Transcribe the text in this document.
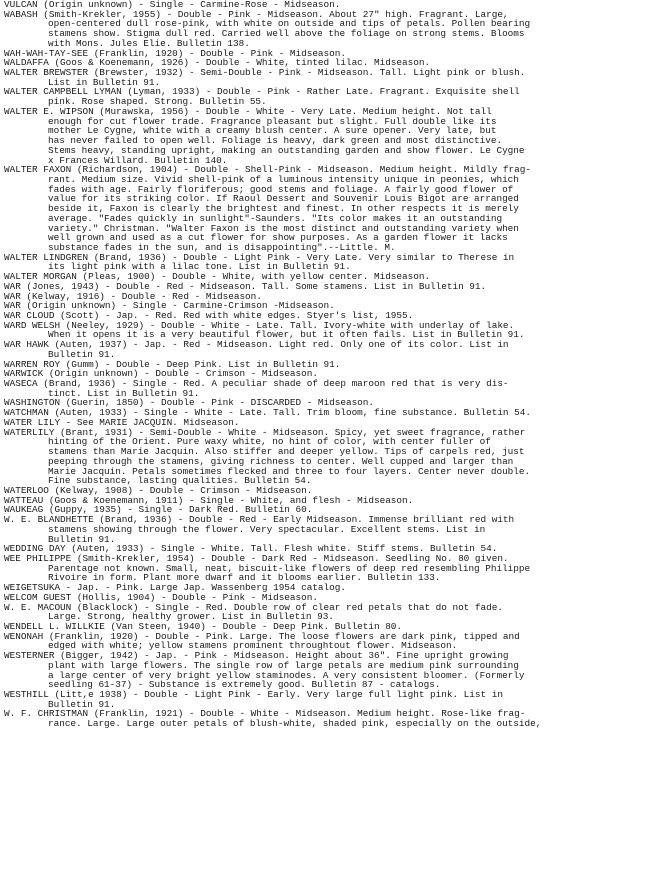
VULCAN (Origin unknown) - Single - Carmine-Rose - Midseason.
WABASH (Smith-Krekler, 1955) - Double - Pink - Midseason. About 27" high. Fragrant. Large,
open-centered dull rose-pink, with white on outside and tips of petals. Pollen bearing
stamens show. Stigma dull red. Carried well above the foliage on strong stems. Blooms
with Mons. Jules Elie. Bulletin 138.
WAH-WAH-TAY-SEE (Franklin, 1920) - Double - Pink - Midseason.
WALDAFFA (Goos & Koenemann, 1926) - Double - White, tinted lilac. Midseason.
WALTER BREWSTER (Brewster, 1932) - Semi-Double - Pink - Midseason. Tall. Light pink or blush.
List in Bulletin 91.
WALTER CAMPBELL LYMAN (Lyman, 1933) - Double - Pink - Rather Late. Fragrant. Exquisite shell
pink. Rose shaped. Strong. Bulletin 55.
WALTER E. WIPSON (Murawska, 1956) - Double - White - Very Late. Medium height. Not tall
enough for cut flower trade. Fragrance pleasant but slight. Full double like its
mother Le Cygne, white with a creamy blush center. A sure opener. Very late, but
has never failed to open well. Foliage is heavy, dark green and most distinctive.
Stems heavy, standing upright, making an outstanding garden and show flower. Le Cygne
x Frances Willard. Bulletin 140.
WALTER FAXON (Richardson, 1904) - Double - Shell-Pink - Midseason. Medium height. Mildly frag-
rant. Medium size. Vivid shell-pink of a luminous intensity unique in peonies, which
fades with age. Fairly floriferous; good stems and foliage. A fairly good flower of
value for its striking color. If Raoul Dessert and Souvenir Louis Bigot are arranged
beside it, Faxon is clearly the brightest and finest. In other respects it is merely
average. "Fades quickly in sunlight"-Saunders. "Its color makes it an outstanding
variety." Christman. "Walter Faxon is the most distinct and outstanding variety when
well grown and used as a cut flower for show purposes. As a garden flower it lacks
substance fades in the sun, and is disappointing".--Little. M.
WALTER LINDGREN (Brand, 1936) - Double - Light Pink - Very Late. Very similar to Therese in
its light pink with a lilac tone. List in Bulletin 91.
WALTER MORGAN (Pleas, 1900) - Double - White, with yellow center. Midseason.
WAR (Jones, 1943) - Double - Red - Midseason. Tall. Some stamens. List in Bulletin 91.
WAR (Kelway, 1916) - Double - Red - Midseason.
WAR (Origin unknown) - Single - Carmine-Crimson -Midseason.
WAR CLOUD (Scott) - Jap. - Red. Red with white edges. Styer's list, 1955.
WARD WELSH (Neeley, 1929) - Double - White - Late. Tall. Ivory-white with underlay of lake.
When it opens it is a very beautiful flower, but it often fails. List in Bulletin 91.
WAR HAWK (Auten, 1937) - Jap. - Red - Midseason. Light red. Only one of its color. List in
Bulletin 91.
WARREN ROY (Gumm) - Double - Deep Pink. List in Bulletin 91.
WARWICK (Origin unknown) - Double - Crimson - Midseason.
WASECA (Brand, 1936) - Single - Red. A peculiar shade of deep maroon red that is very dis-
tinct. List in Bulletin 91.
WASHINGTON (Guerin, 1850) - Double - Pink - DISCARDED - Midseason.
WATCHMAN (Auten, 1933) - Single - White - Late. Tall. Trim bloom, fine substance. Bulletin 54.
WATER LILY - See MARIE JACQUIN. Midseason.
WATERLILY (Brant, 1931) - Semi-Double - White - Midseason. Spicy, yet sweet fragrance, rather
hinting of the Orient. Pure waxy white, no hint of color, with center fuller of
stamens than Marie Jacquin. Also stiffer and deeper yellow. Tips of carpels red, just
peeping through the stamens, giving richness to center. Well cupped and larger than
Marie Jacquin. Petals sometimes flecked and three to four layers. Center never double.
Fine substance, lasting qualities. Bulletin 54.
WATERLOO (Kelway, 1908) - Double - Crimson - Midseason.
WATTEAU (Goos & Koenemann, 1911) - Single - White, and flesh - Midseason.
WAUKEAG (Guppy, 1935) - Single - Dark Red. Bulletin 60.
W. E. BLANDHETTE (Brand, 1936) - Double - Red - Early Midseason. Immense brilliant red with
stamens showing through the flower. Very spectacular. Excellent stems. List in
Bulletin 91.
WEDDING DAY (Auten, 1933) - Single - White. Tall. Flesh white. Stiff stems. Bulletin 54.
WEE PHILIPPE (Smith-Krekler, 1954) - Double - Dark Red - Midseason. Seedling No. 80 given.
Parentage not known. Small, neat, biscuit-like flowers of deep red resembling Philippe
Rivoire in form. Plant more dwarf and it blooms earlier. Bulletin 133.
WEIGETSUKA - Jap. - Pink. Large Jap. Wassenberg 1954 catalog.
WELCOM GUEST (Hollis, 1904) - Double - Pink - Midseason.
W. E. MACOUN (Blacklock) - Single - Red. Double row of clear red petals that do not fade.
Large. Strong, healthy grower. List in Bulletin 93.
WENDELL L. WILLKIE (Van Steen, 1940) - Double - Deep Pink. Bulletin 80.
WENONAH (Franklin, 1920) - Double - Pink. Large. The loose flowers are dark pink, tipped and
edged with white; yellow stamens prominent throughtout flower. Midseason.
WESTERNER (Bigger, 1942) - Jap. - Pink - Midseason. Height about 36". Fine upright growing
plant with large flowers. The single row of large petals are medium pink surrounding
a large center of very bright yellow staminodes. A very consistent bloomer. (Formerly
seedling 61-37) - Substance is extremely good. Bulletin 87 - catalogs.
WESTHILL (Litt,e 1938) - Double - Light Pink - Early. Very large full light pink. List in
Bulletin 91.
W. F. CHRISTMAN (Franklin, 1921) - Double - White - Midseason. Medium height. Rose-like frag-
rance. Large. Large outer petals of blush-white, shaded pink, especially on the outside,
